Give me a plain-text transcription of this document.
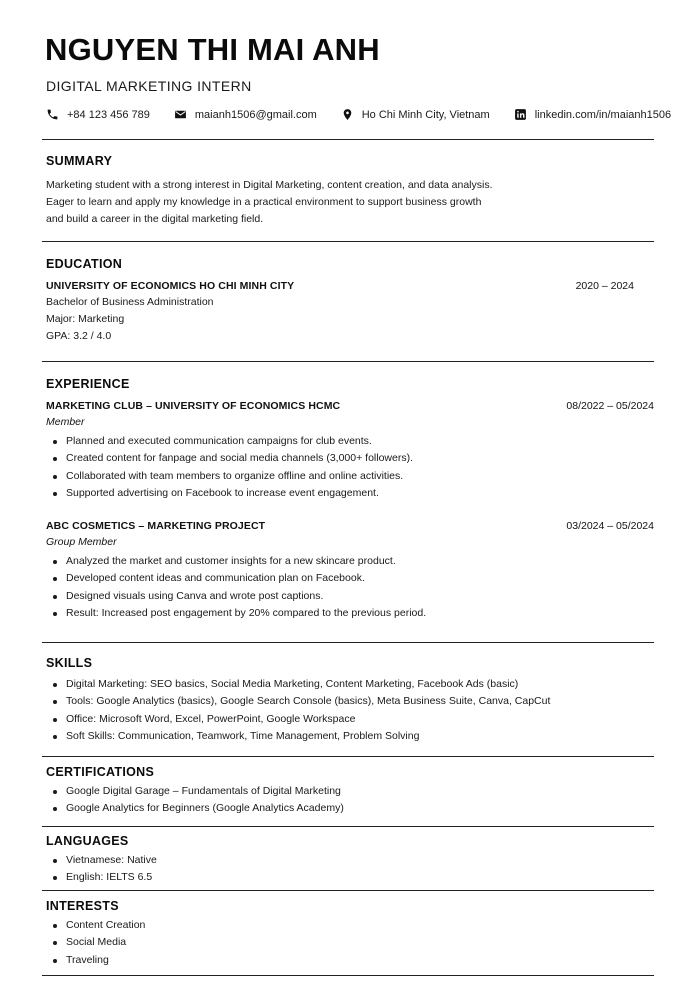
NGUYEN THI MAI ANH
DIGITAL MARKETING INTERN
+84 123 456 789	maianh1506@gmail.com	Ho Chi Minh City, Vietnam	linkedin.com/in/maianh1506
SUMMARY

Marketing student with a strong interest in Digital Marketing, content creation, and data analysis.
Eager to learn and apply my knowledge in a practical environment to support business growth
and build a career in the digital marketing field.

EDUCATION
UNIVERSITY OF ECONOMICS HO CHI MINH CITY	2020 – 2024
Bachelor of Business Administration
Major: Marketing
GPA: 3.2 / 4.0
EXPERIENCE
MARKETING CLUB – UNIVERSITY OF ECONOMICS HCMC	08/2022 – 05/2024
Member
Planned and executed communication campaigns for club events.
Created content for fanpage and social media channels (3,000+ followers).
Collaborated with team members to organize offline and online activities.
Supported advertising on Facebook to increase event engagement.
ABC COSMETICS – MARKETING PROJECT	03/2024 – 05/2024
Group Member
Analyzed the market and customer insights for a new skincare product.
Developed content ideas and communication plan on Facebook.
Designed visuals using Canva and wrote post captions.
Result: Increased post engagement by 20% compared to the previous period.
SKILLS
Digital Marketing: SEO basics, Social Media Marketing, Content Marketing, Facebook Ads (basic)
Tools: Google Analytics (basics), Google Search Console (basics), Meta Business Suite, Canva, CapCut
Office: Microsoft Word, Excel, PowerPoint, Google Workspace
Soft Skills: Communication, Teamwork, Time Management, Problem Solving
CERTIFICATIONS
Google Digital Garage – Fundamentals of Digital Marketing
Google Analytics for Beginners (Google Analytics Academy)
LANGUAGES
Vietnamese: Native
English: IELTS 6.5
INTERESTS
Content Creation
Social Media
Traveling
